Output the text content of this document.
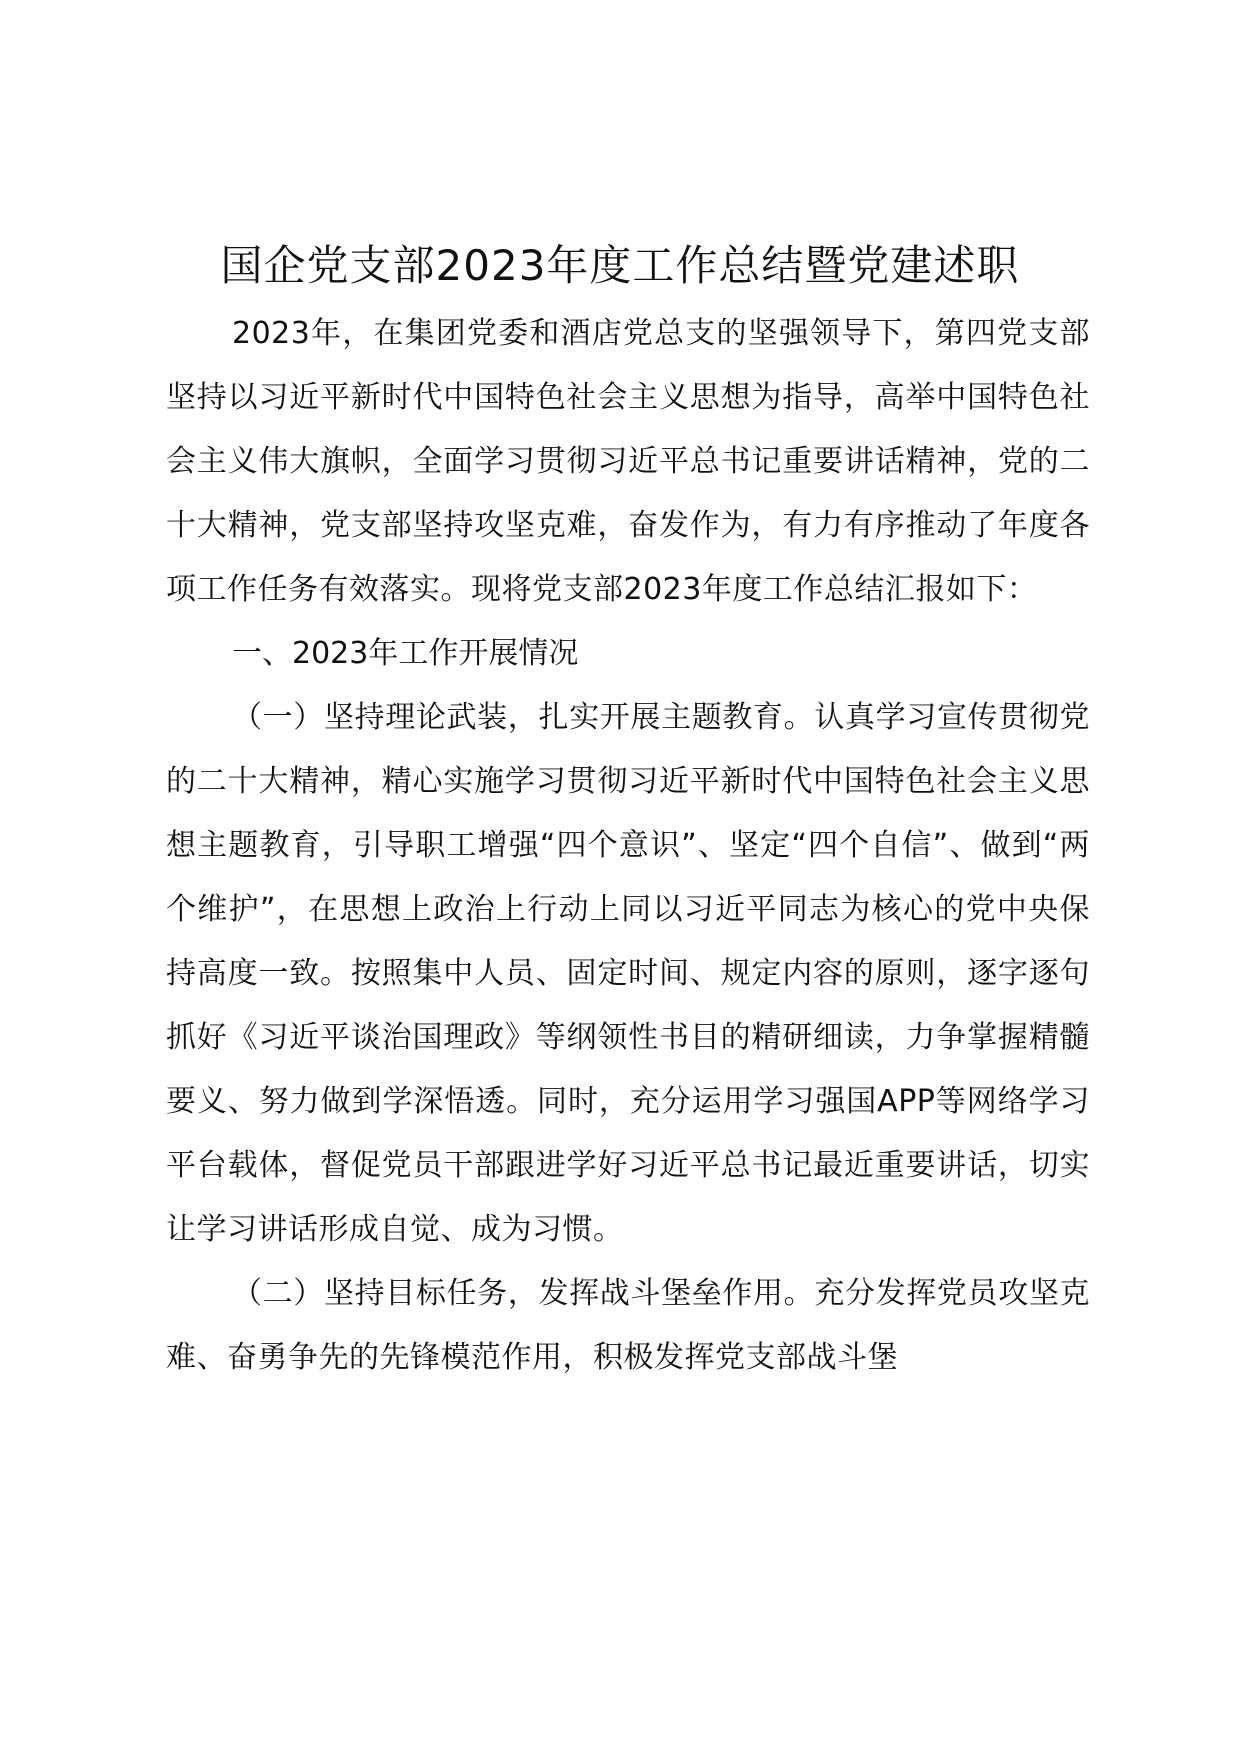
国企党支部2023年度工作总结暨党建述职

2023年，在集团党委和酒店党总支的坚强领导下，第四党支部坚持以习近平新时代中国特色社会主义思想为指导，高举中国特色社会主义伟大旗帜，全面学习贯彻习近平总书记重要讲话精神，党的二十大精神，党支部坚持攻坚克难，奋发作为，有力有序推动了年度各项工作任务有效落实。现将党支部2023年度工作总结汇报如下：

一、2023年工作开展情况

（一）坚持理论武装，扎实开展主题教育。认真学习宣传贯彻党的二十大精神，精心实施学习贯彻习近平新时代中国特色社会主义思想主题教育，引导职工增强“四个意识”、坚定“四个自信”、做到“两个维护”，在思想上政治上行动上同以习近平同志为核心的党中央保持高度一致。按照集中人员、固定时间、规定内容的原则，逐字逐句抓好《习近平谈治国理政》等纲领性书目的精研细读，力争掌握精髓要义、努力做到学深悟透。同时，充分运用学习强国APP等网络学习平台载体，督促党员干部跟进学好习近平总书记最近重要讲话，切实让学习讲话形成自觉、成为习惯。

（二）坚持目标任务，发挥战斗堡垒作用。充分发挥党员攻坚克难、奋勇争先的先锋模范作用，积极发挥党支部战斗堡
